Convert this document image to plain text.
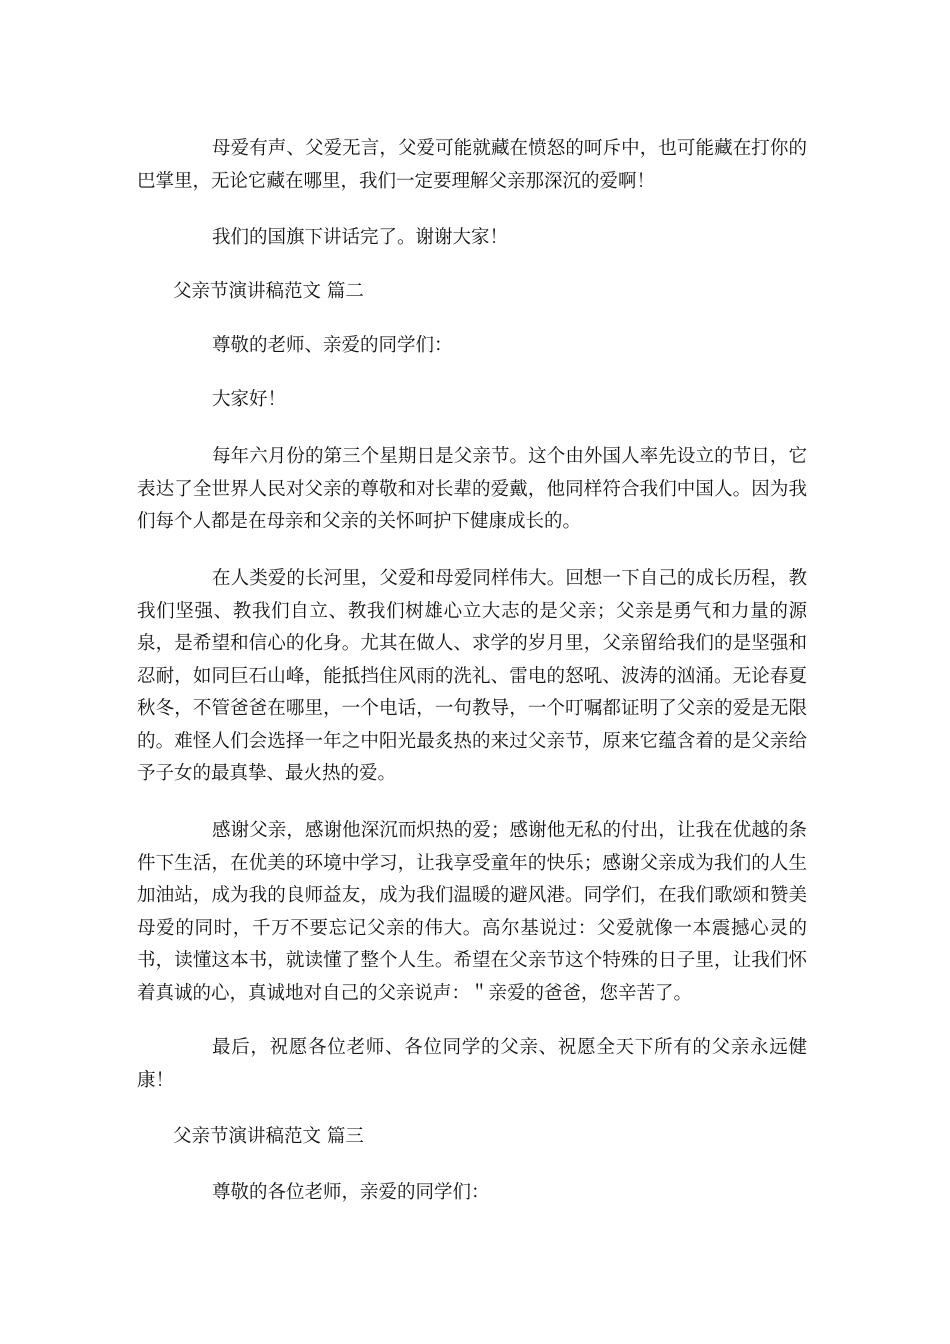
母爱有声、父爱无言，父爱可能就藏在愤怒的呵斥中，也可能藏在打你的巴掌里，无论它藏在哪里，我们一定要理解父亲那深沉的爱啊！
我们的国旗下讲话完了。谢谢大家！
父亲节演讲稿范文 篇二
尊敬的老师、亲爱的同学们：
大家好！
每年六月份的第三个星期日是父亲节。这个由外国人率先设立的节日，它表达了全世界人民对父亲的尊敬和对长辈的爱戴，他同样符合我们中国人。因为我们每个人都是在母亲和父亲的关怀呵护下健康成长的。
在人类爱的长河里，父爱和母爱同样伟大。回想一下自己的成长历程，教我们坚强、教我们自立、教我们树雄心立大志的是父亲；父亲是勇气和力量的源泉，是希望和信心的化身。尤其在做人、求学的岁月里，父亲留给我们的是坚强和忍耐，如同巨石山峰，能抵挡住风雨的洗礼、雷电的怒吼、波涛的汹涌。无论春夏秋冬，不管爸爸在哪里，一个电话，一句教导，一个叮嘱都证明了父亲的爱是无限的。难怪人们会选择一年之中阳光最炙热的来过父亲节，原来它蕴含着的是父亲给予子女的最真挚、最火热的爱。
感谢父亲，感谢他深沉而炽热的爱；感谢他无私的付出，让我在优越的条件下生活，在优美的环境中学习，让我享受童年的快乐；感谢父亲成为我们的人生加油站，成为我的良师益友，成为我们温暖的避风港。同学们，在我们歌颂和赞美母爱的同时，千万不要忘记父亲的伟大。高尔基说过：父爱就像一本震撼心灵的书，读懂这本书，就读懂了整个人生。希望在父亲节这个特殊的日子里，让我们怀着真诚的心，真诚地对自己的父亲说声：＂亲爱的爸爸，您辛苦了。
最后，祝愿各位老师、各位同学的父亲、祝愿全天下所有的父亲永远健康！
父亲节演讲稿范文 篇三
尊敬的各位老师，亲爱的同学们：
